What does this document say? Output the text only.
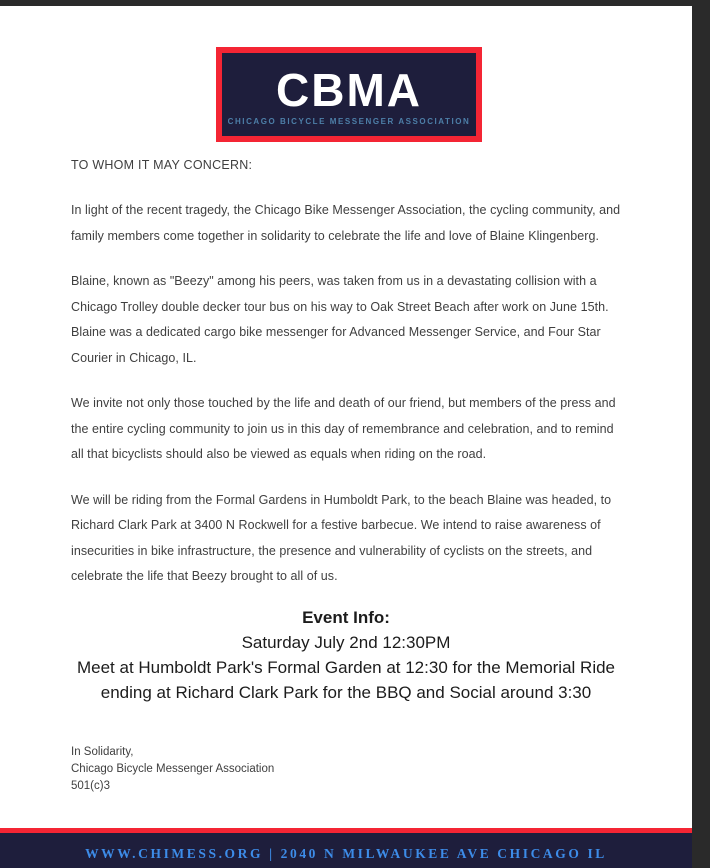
CBMA
CHICAGO BICYCLE MESSENGER ASSOCIATION

TO WHOM IT MAY CONCERN:

In light of the recent tragedy, the Chicago Bike Messenger Association, the cycling community, and family members come together in solidarity to celebrate the life and love of Blaine Klingenberg.

Blaine, known as "Beezy" among his peers, was taken from us in a devastating collision with a Chicago Trolley double decker tour bus on his way to Oak Street Beach after work on June 15th. Blaine was a dedicated cargo bike messenger for Advanced Messenger Service, and Four Star Courier in Chicago, IL.

We invite not only those touched by the life and death of our friend, but members of the press and the entire cycling community to join us in this day of remembrance and celebration, and to remind all that bicyclists should also be viewed as equals when riding on the road.

We will be riding from the Formal Gardens in Humboldt Park, to the beach Blaine was headed, to Richard Clark Park at 3400 N Rockwell for a festive barbecue. We intend to raise awareness of insecurities in bike infrastructure, the presence and vulnerability of cyclists on the streets, and celebrate the life that Beezy brought to all of us.

Event Info:
Saturday July 2nd 12:30PM
Meet at Humboldt Park's Formal Garden at 12:30 for the Memorial Ride
ending at Richard Clark Park for the BBQ and Social around 3:30
In Solidarity,
Chicago Bicycle Messenger Association
501(c)3
WWW.CHIMESS.ORG | 2040 N MILWAUKEE AVE CHICAGO IL
